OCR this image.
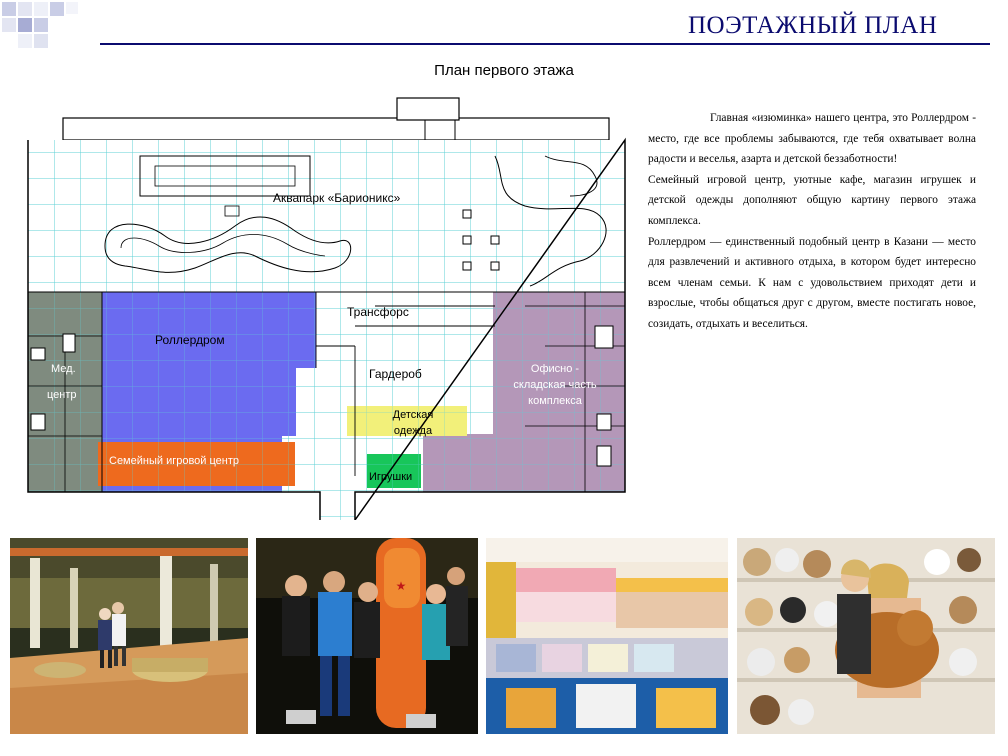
ПОЭТАЖНЫЙ ПЛАН
План первого этажа
Аквапарк «Барионикс»
Трансфорс
Роллердром
Мед.
центр
Гардероб	Офисно -
складская часть
комплекса
Детская
одежда
Семейный игровой центр
Игрушки

Главная «изюминка» нашего центра, это Роллердром - место, где все проблемы забываются, где тебя охватывает волна радости и веселья, азарта и детской беззаботности!

Семейный игровой центр, уютные кафе, магазин игрушек и детской одежды дополняют общую картину первого этажа комплекса.

Роллердром — единственный подобный центр в Казани — место для развлечений и активного отдыха, в котором будет интересно всем членам семьи. К нам с удовольствием приходят дети и взрослые, чтобы общаться друг с другом, вместе постигать новое, созидать, отдыхать и веселиться.

★
